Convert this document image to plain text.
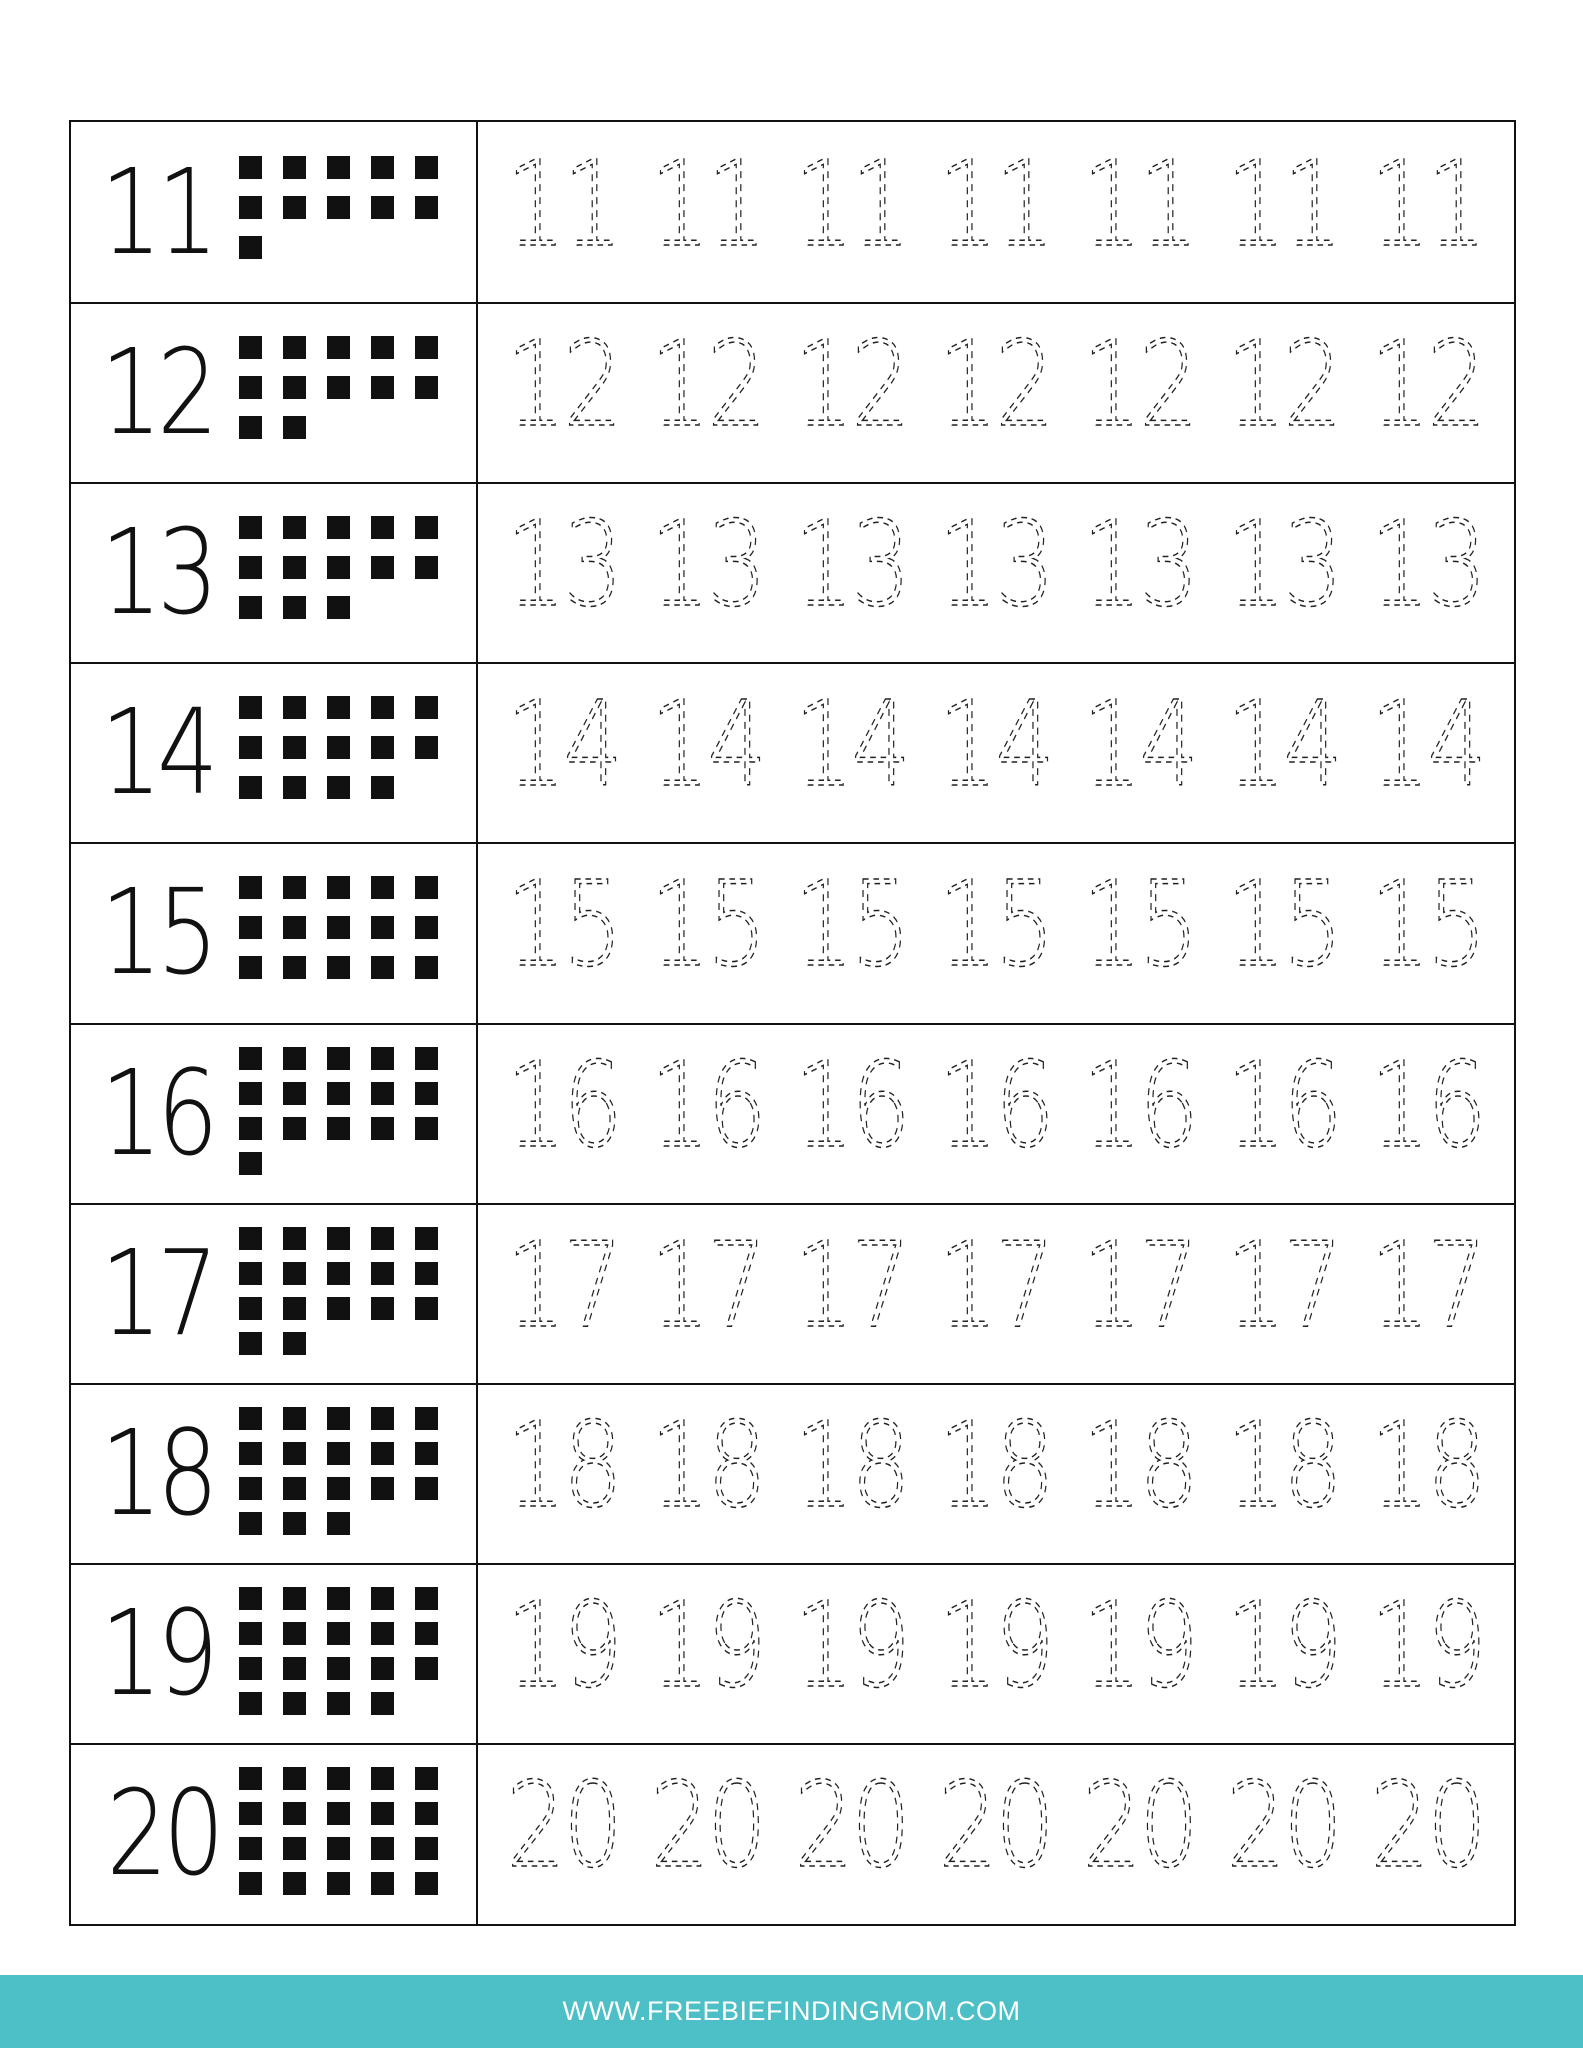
11
12
13
14
15
16
17
18
19
20
WWW.FREEBIEFINDINGMOM.COM
